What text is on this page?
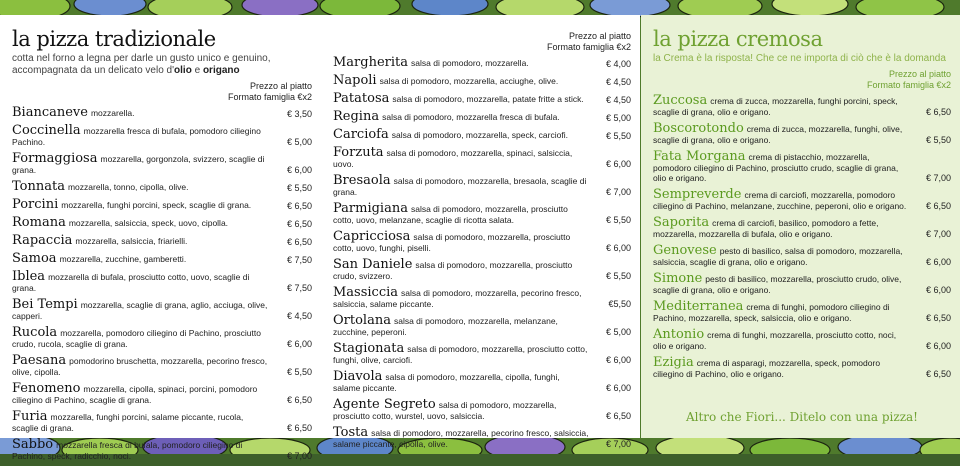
la pizza tradizionale
cotta nel forno a legna per darle un gusto unico e genuino, accompagnata da un delicato velo d'olio e origano
Prezzo al piatto
Formato famiglia €x2
Biancaneve mozzarella.	€ 3,50
Coccinella mozzarella fresca di bufala, pomodoro ciliegino Pachino.	€ 5,00
Formaggiosa mozzarella, gorgonzola, svizzero, scaglie di grana.	€ 6,00
Tonnata mozzarella, tonno, cipolla, olive.	€ 5,50
Porcini mozzarella, funghi porcini, speck, scaglie di grana.	€ 6,50
Romana mozzarella, salsiccia, speck, uovo, cipolla.	€ 6,50
Rapaccia mozzarella, salsiccia, friarielli.	€ 6,50
Samoa mozzarella, zucchine, gamberetti.	€ 7,50
Iblea mozzarella di bufala, prosciutto cotto, uovo, scaglie di grana.	€ 7,50
Bei Tempi mozzarella, scaglie di grana, aglio, acciuga, olive, capperi.	€ 4,50
Rucola mozzarella, pomodoro ciliegino di Pachino, prosciutto crudo, rucola, scaglie di grana.	€ 6,00
Paesana pomodorino bruschetta, mozzarella, pecorino fresco, olive, cipolla.	€ 5,50
Fenomeno mozzarella, cipolla, spinaci, porcini, pomodoro ciliegino di Pachino, scaglie di grana.	€ 6,50
Furia mozzarella, funghi porcini, salame piccante, rucola, scaglie di grana.	€ 6,50
Sabbo mozzarella fresca di bufala, pomodoro ciliegino di Pachino, speck, radicchio, noci.	€ 7,00
Prezzo al piatto
Formato famiglia €x2
Margherita salsa di pomodoro, mozzarella.	€ 4,00
Napoli salsa di pomodoro, mozzarella, acciughe, olive.	€ 4,50
Patatosa salsa di pomodoro, mozzarella, patate fritte a stick. € 4,50
Regina salsa di pomodoro, mozzarella fresca di bufala.	€ 5,00
Carciofa salsa di pomodoro, mozzarella, speck, carciofi.	€ 5,50
Forzuta salsa di pomodoro, mozzarella, spinaci, salsiccia, uovo.	€ 6,00
Bresaola salsa di pomodoro, mozzarella, bresaola, scaglie di grana.	€ 7,00
Parmigiana salsa di pomodoro, mozzarella, prosciutto cotto, uovo, melanzane, scaglie di ricotta salata.	€ 5,50
Capricciosa salsa di pomodoro, mozzarella, prosciutto cotto, uovo, funghi, piselli.	€ 6,00
San Daniele salsa di pomodoro, mozzarella, prosciutto crudo, svizzero.	€ 5,50
Massiccia salsa di pomodoro, mozzarella, pecorino fresco, salsiccia, salame piccante.	€5,50
Ortolana salsa di pomodoro, mozzarella, melanzane, zucchine, peperoni.	€ 5,00
Stagionata salsa di pomodoro, mozzarella, prosciutto cotto, funghi, olive, carciofi.	€ 6,00
Diavola salsa di pomodoro, mozzarella, cipolla, funghi, salame piccante.	€ 6,00
Agente Segreto salsa di pomodoro, mozzarella, prosciutto cotto, wurstel, uovo, salsiccia.	€ 6,50
Tosta salsa di pomodoro, mozzarella, pecorino fresco, salsiccia, salame piccante, cipolla, olive.	€ 7,00
la pizza cremosa
la Crema è la risposta! Che ce ne importa di ciò che è la domanda
Prezzo al piatto
Formato famiglia €x2
Zuccosa crema di zucca, mozzarella, funghi porcini, speck, scaglie di grana, olio e origano.	€ 6,50
Boscorotondo crema di zucca, mozzarella, funghi, olive, scaglie di grana, olio e origano.	€ 5,50
Fata Morgana crema di pistacchio, mozzarella, pomodoro ciliegino di Pachino, prosciutto crudo, scaglie di grana, olio e origano.	€ 7,00
Sempreverde crema di carciofi, mozzarella, pomodoro ciliegino di Pachino, melanzane, zucchine, peperoni, olio e origano. € 6,50
Saporita crema di carciofi, basilico, pomodoro a fette, mozzarella, mozzarella di bufala, olio e origano.	€ 7,00
Genovese pesto di basilico, salsa di pomodoro, mozzarella, salsiccia, scaglie di grana, olio e origano.	€ 6,00
Simone pesto di basilico, mozzarella, prosciutto crudo, olive, scaglie di grana, olio e origano.	€ 6,00
Mediterranea crema di funghi, pomodoro ciliegino di Pachino, mozzarella, speck, salsiccia, olio e origano.	€ 6,50
Antonio crema di funghi, mozzarella, prosciutto cotto, noci, olio e origano.	€ 6,00
Ezigia crema di asparagi, mozzarella, speck, pomodoro ciliegino di Pachino, olio e origano.	€ 6,50
Altro che Fiori... Ditelo con una pizza!
